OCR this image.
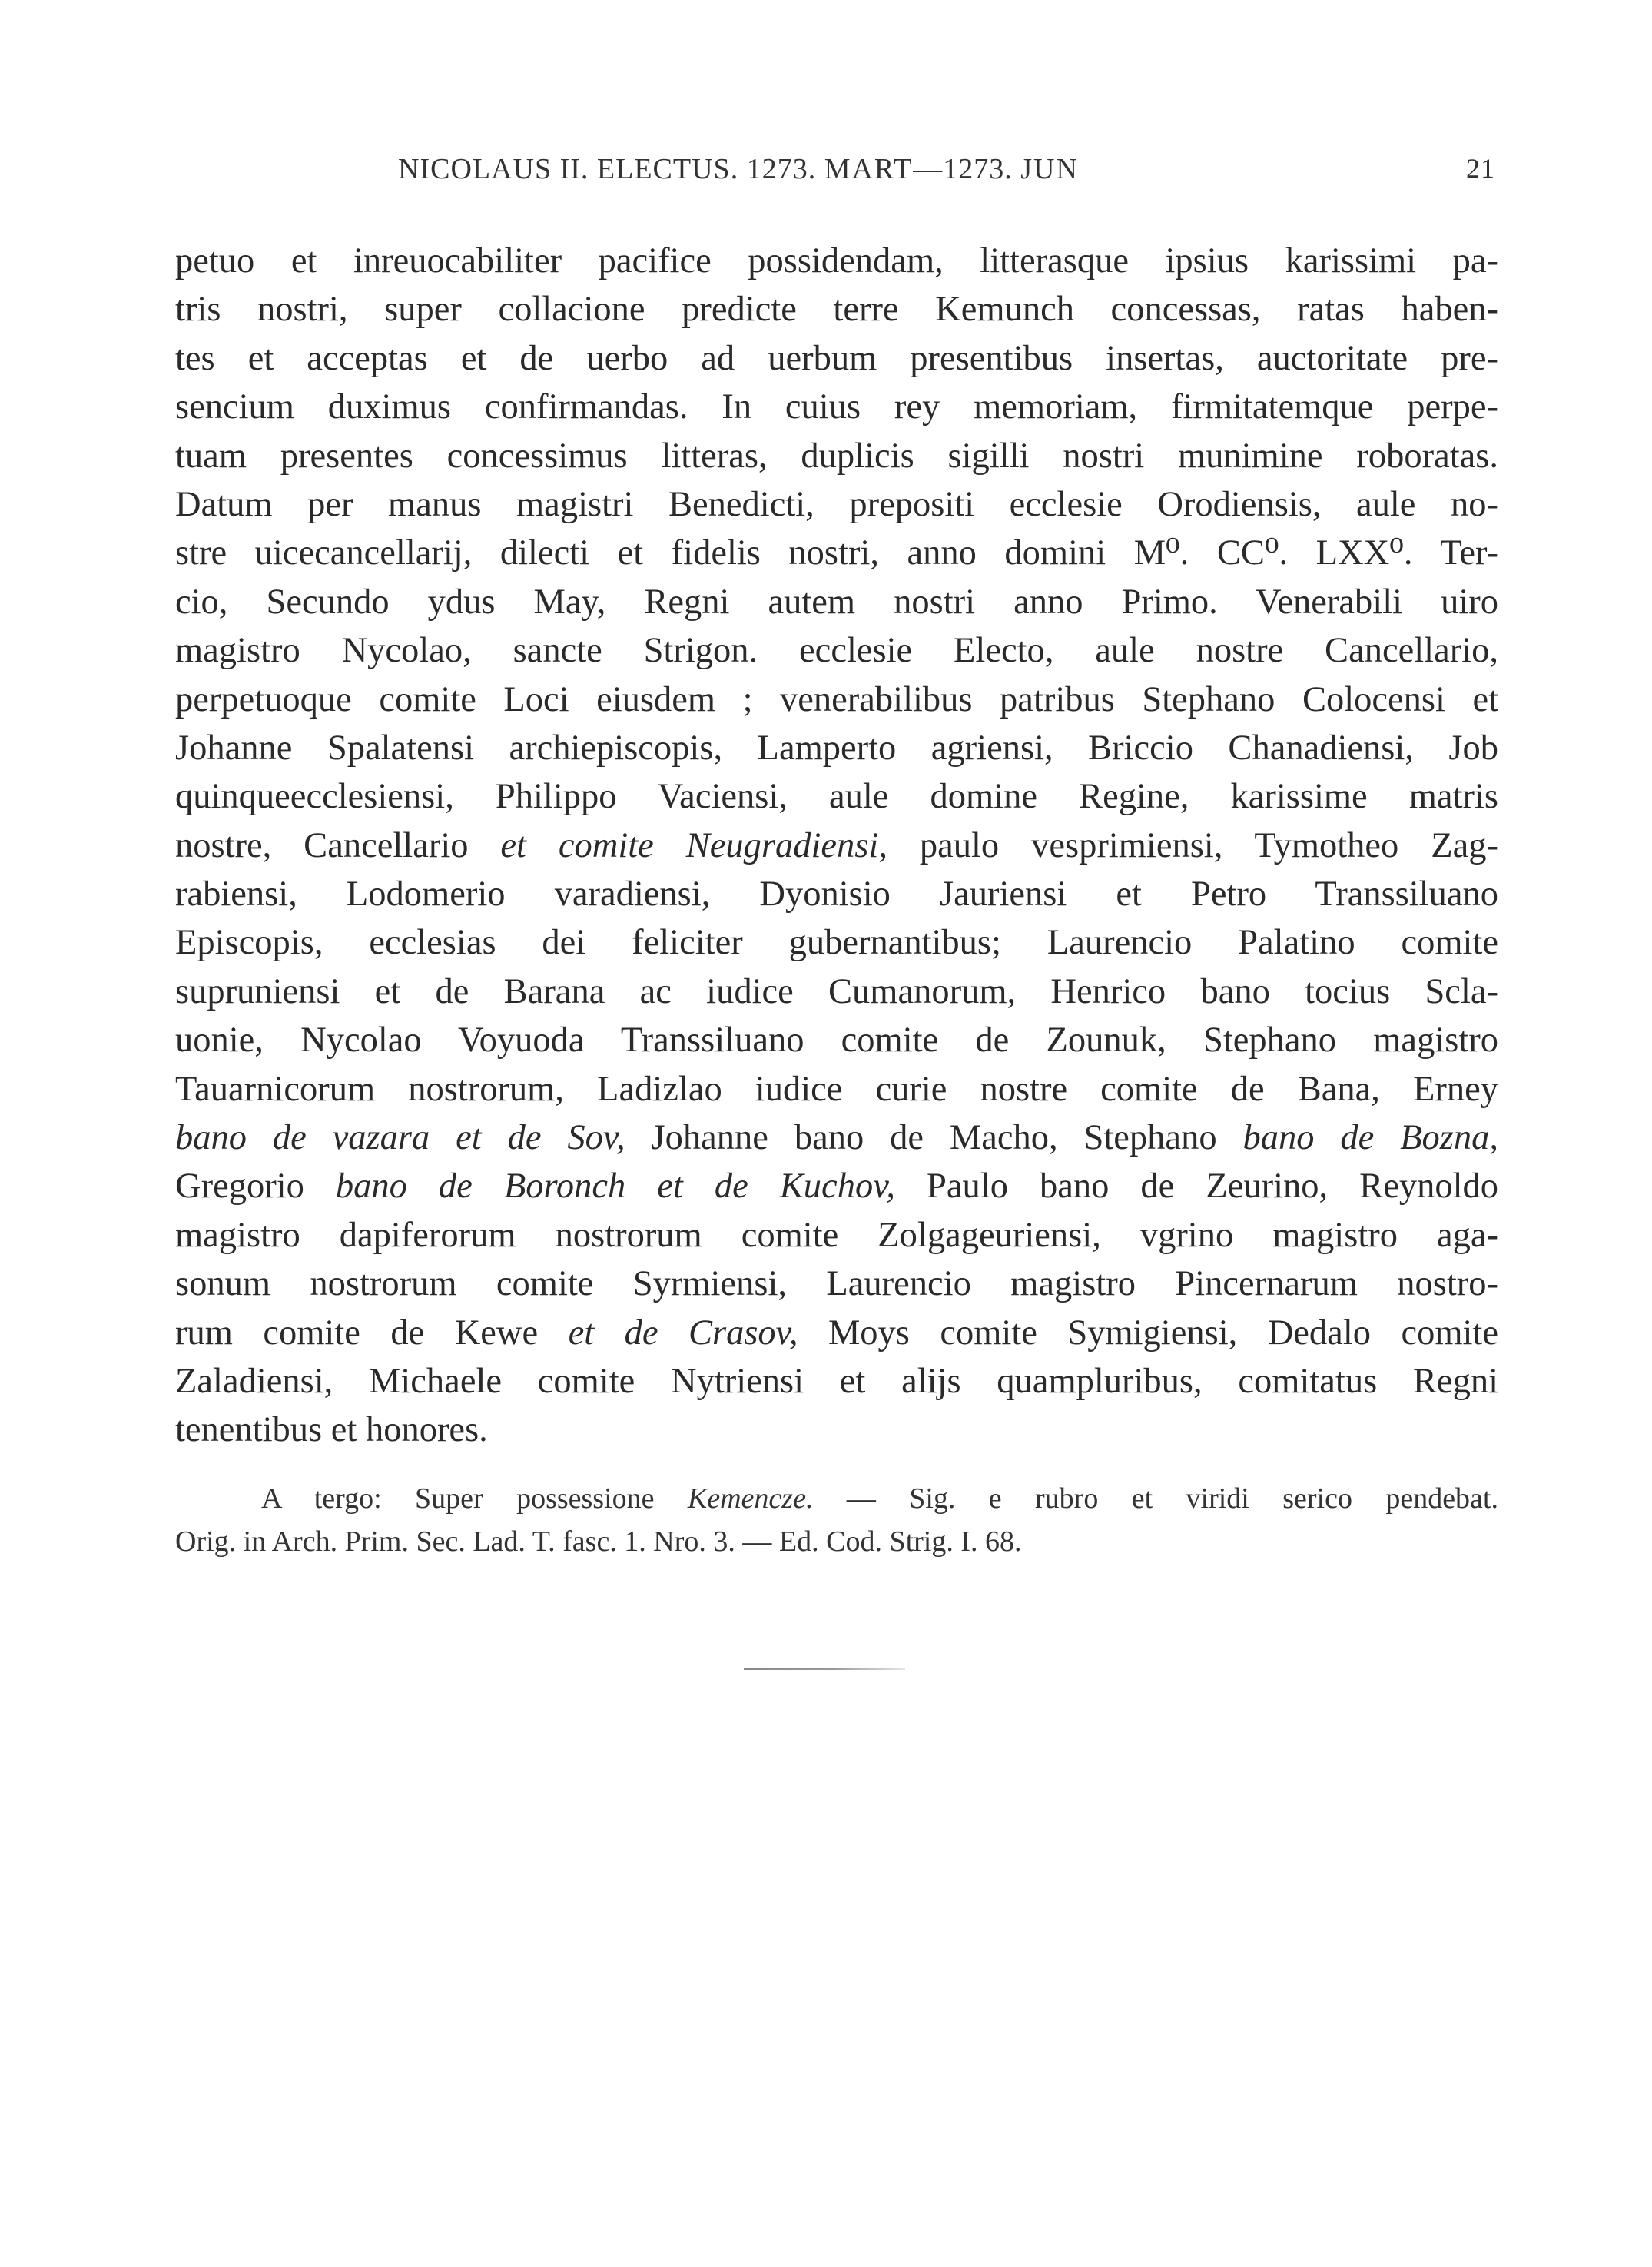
NICOLAUS II. ELECTUS. 1273. MART—1273. JUN	21
petuo et inreuocabiliter pacifice possidendam, litterasque ipsius karissimi pa-
tris nostri, super collacione predicte terre Kemunch concessas, ratas haben-
tes et acceptas et de uerbo ad uerbum presentibus insertas, auctoritate pre-
sencium duximus confirmandas. In cuius rey memoriam, firmitatemque perpe-
tuam presentes concessimus litteras, duplicis sigilli nostri munimine roboratas.
Datum per manus magistri Benedicti, prepositi ecclesie Orodiensis, aule no-
stre uicecancellarij, dilecti et fidelis nostri, anno domini M⁰. CC⁰. LXX⁰. Ter-
cio, Secundo ydus May, Regni autem nostri anno Primo. Venerabili uiro
magistro Nycolao, sancte Strigon. ecclesie Electo, aule nostre Cancellario,
perpetuoque comite Loci eiusdem ; venerabilibus patribus Stephano Colocensi et
Johanne Spalatensi archiepiscopis, Lamperto agriensi, Briccio Chanadiensi, Job
quinqueecclesiensi, Philippo Vaciensi, aule domine Regine, karissime matris
nostre, Cancellario et comite Neugradiensi, paulo vesprimiensi, Tymotheo Zag-
rabiensi, Lodomerio varadiensi, Dyonisio Jauriensi et Petro Transsiluano
Episcopis, ecclesias dei feliciter gubernantibus; Laurencio Palatino comite
supruniensi et de Barana ac iudice Cumanorum, Henrico bano tocius Scla-
uonie, Nycolao Voyuoda Transsiluano comite de Zounuk, Stephano magistro
Tauarnicorum nostrorum, Ladizlao iudice curie nostre comite de Bana, Erney
bano de vazara et de Sov, Johanne bano de Macho, Stephano bano de Bozna,
Gregorio bano de Boronch et de Kuchov, Paulo bano de Zeurino, Reynoldo
magistro dapiferorum nostrorum comite Zolgageuriensi, vgrino magistro aga-
sonum nostrorum comite Syrmiensi, Laurencio magistro Pincernarum nostro-
rum comite de Kewe et de Crasov, Moys comite Symigiensi, Dedalo comite
Zaladiensi, Michaele comite Nytriensi et alijs quampluribus, comitatus Regni
tenentibus et honores.
A tergo: Super possessione Kemencze. — Sig. e rubro et viridi serico pendebat.
Orig. in Arch. Prim. Sec. Lad. T. fasc. 1. Nro. 3. — Ed. Cod. Strig. I. 68.
